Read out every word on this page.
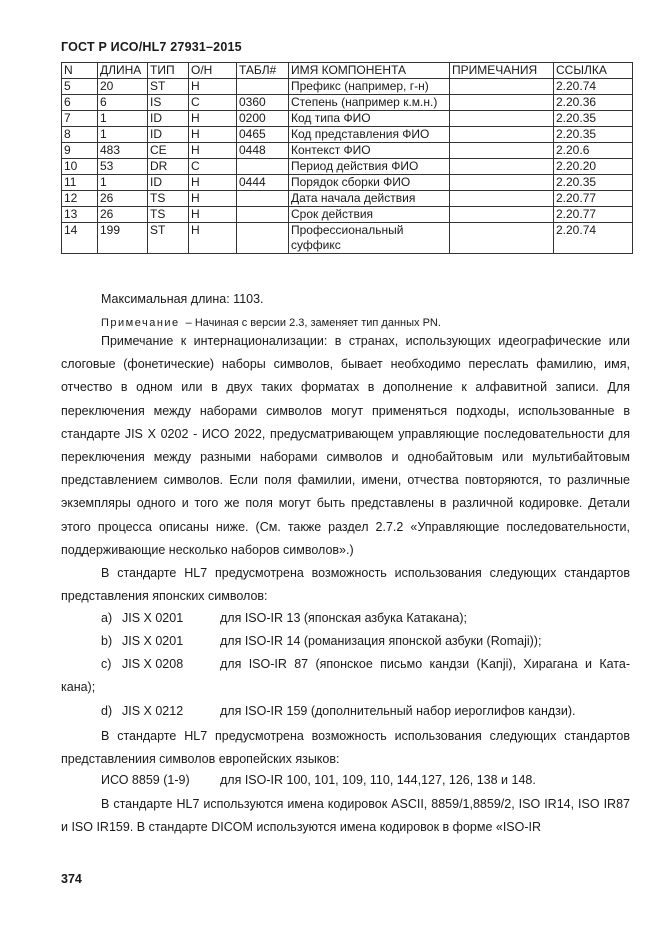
ГОСТ Р ИСО/HL7 27931–2015
N	ДЛИНА	ТИП	О/Н	ТАБЛ#	ИМЯ КОМПОНЕНТА	ПРИМЕЧАНИЯ	ССЫЛКА
5	20	ST	Н		Префикс (например, г-н)		2.20.74
6	6	IS	С	0360	Степень (например к.м.н.)		2.20.36
7	1	ID	Н	0200	Код типа ФИО		2.20.35
8	1	ID	Н	0465	Код представления ФИО		2.20.35
9	483	CE	Н	0448	Контекст ФИО		2.20.6
10	53	DR	С		Период действия ФИО		2.20.20
11	1	ID	Н	0444	Порядок сборки ФИО		2.20.35
12	26	TS	Н		Дата начала действия		2.20.77
13	26	TS	Н		Срок действия		2.20.77
14	199	ST	Н		Профессиональный суффикс		2.20.74
Максимальная длина: 1103.
Примечание – Начиная с версии 2.3, заменяет тип данных PN.

Примечание к интернационализации: в странах, использующих идеографические или слоговые (фонетические) наборы символов, бывает необходимо переслать фамилию, имя, отчество в одном или в двух таких форматах в дополнение к алфавитной записи. Для переключения между наборами символов могут применяться подходы, использованные в стандарте JIS X 0202 - ИСО 2022, предусматривающем управляющие последовательности для переключения между разными наборами символов и однобайтовым или мультибайтовым представлением символов. Если поля фамилии, имени, отчества повторяются, то различные экземпляры одного и того же поля могут быть представлены в различной кодировке. Детали этого процесса описаны ниже. (См. также раздел 2.7.2 «Управляющие последовательности, поддерживающие несколько наборов символов».)

В стандарте HL7 предусмотрена возможность использования следующих стандартов представления японских символов:

a) JIS X 0201	для ISO-IR 13 (японская азбука Катакана);
b) JIS X 0201	для ISO-IR 14 (романизация японской азбуки (Romaji));
c) JIS X 0208	для ISO-IR 87 (японское письмо кандзи (Kanji), Хирагана и Ката-
кана);
d) JIS X 0212	для ISO-IR 159 (дополнительный набор иероглифов кандзи).

В стандарте HL7 предусмотрена возможность использования следующих стандартов представлениия символов европейских языков:

ИСО 8859 (1-9) для ISO-IR 100, 101, 109, 110, 144,127, 126, 138 и 148.

В стандарте HL7 используются имена кодировок ASCII, 8859/1,8859/2, ISO IR14, ISO IR87 и ISO IR159. В стандарте DICOM используются имена кодировок в форме «ISO-IR

374
